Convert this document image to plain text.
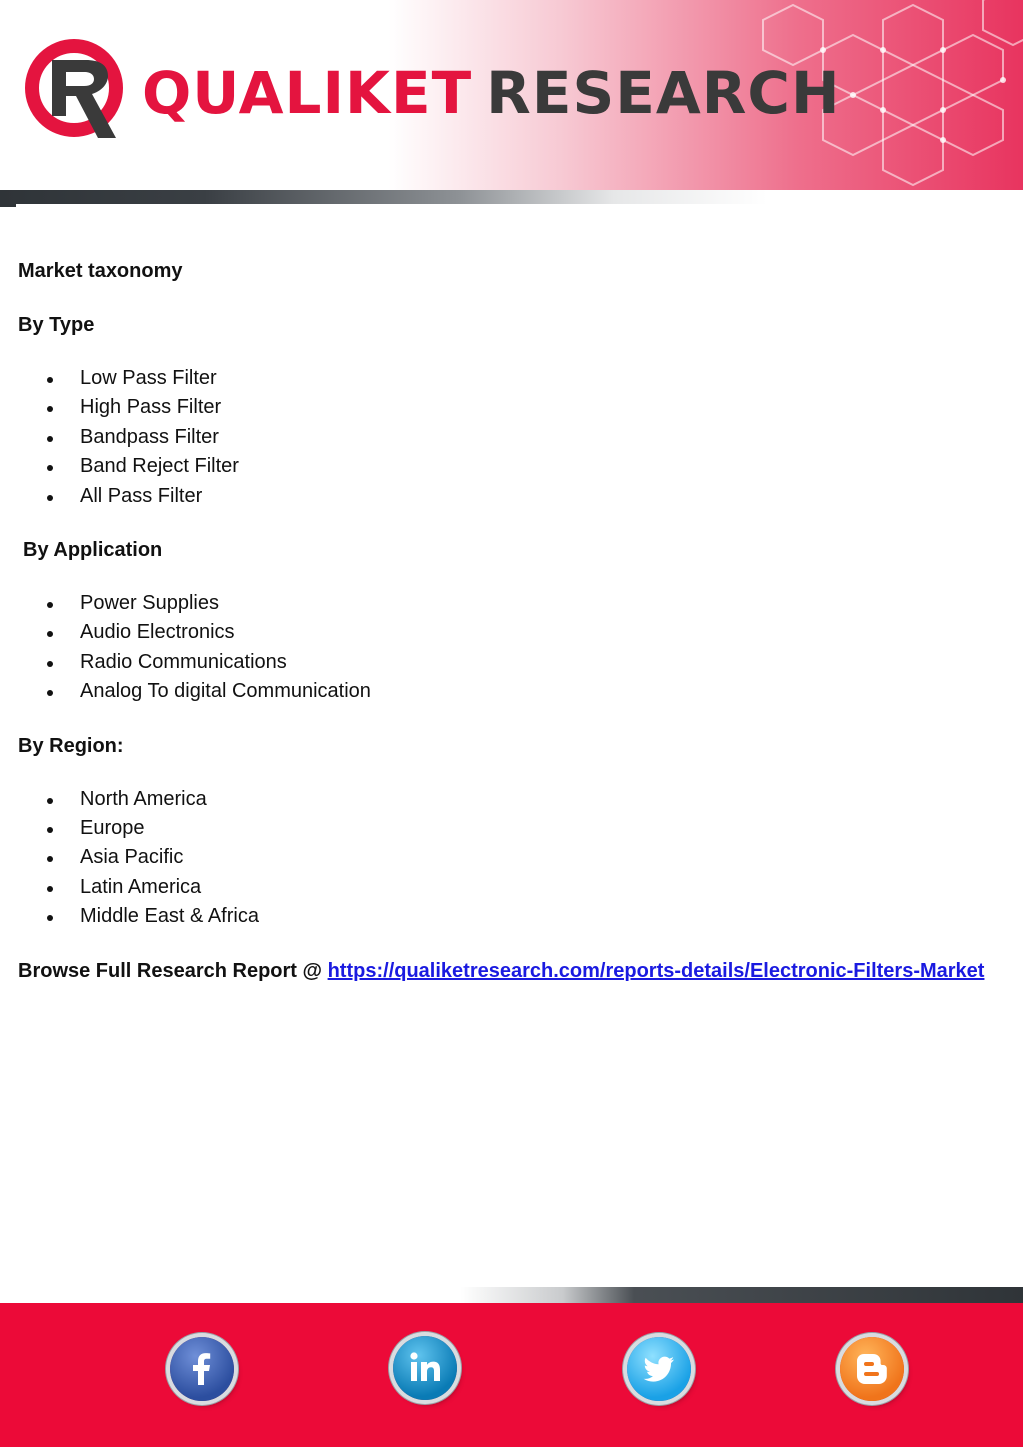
QUALIKET RESEARCH

Market taxonomy

By Type

Low Pass Filter
High Pass Filter
Bandpass Filter
Band Reject Filter
All Pass Filter

By Application

Power Supplies
Audio Electronics
Radio Communications
Analog To digital Communication

By Region:

North America
Europe
Asia Pacific
Latin America
Middle East & Africa

Browse Full Research Report @ https://qualiketresearch.com/reports-details/Electronic-Filters-Market
